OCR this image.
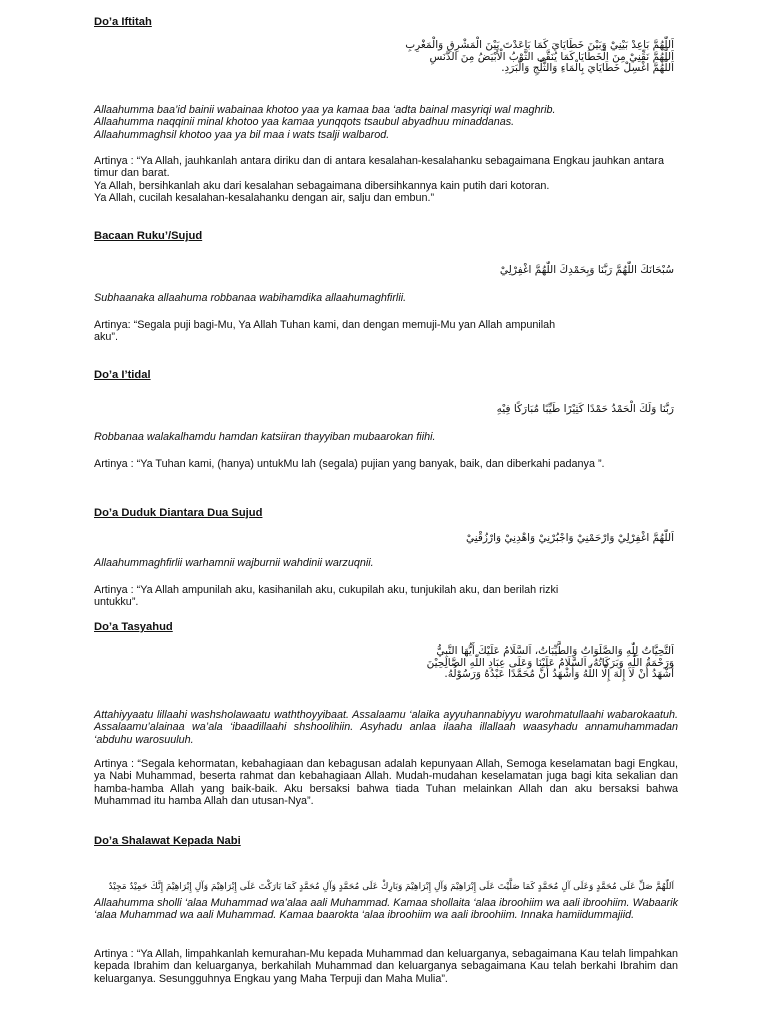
Do’a Iftitah
اَللّٰهُمَّ بَاعِدْ بَيْنِيْ وَبَيْنَ خَطَايَايَ كَمَا بَاعَدْتَ بَيْنَ الْمَشْرِقِ وَالْمَغْرِبِ
اَللّٰهُمَّ نَقِّنِيْ مِنَ الْخَطَايَا كَمَا يُنَقَّى الثَّوْبُ الْأَبْيَضُ مِنَ الدَّنَسِ
اَللّٰهُمَّ اغْسِلْ خَطَايَايَ بِالْمَاءِ وَالثَّلْجِ وَالْبَرَدِ.
Allaahumma baa’id bainii wabainaa khotoo yaa ya kamaa baa ‘adta bainal masyriqi wal maghrib.
Allaahumma naqqinii minal khotoo yaa kamaa yunqqots tsaubul abyadhuu minaddanas.
Allaahummaghsil khotoo yaa ya bil maa i wats tsalji walbarod.
Artinya : “Ya Allah, jauhkanlah antara diriku dan di antara kesalahan-kesalahanku sebagaimana Engkau jauhkan antara timur dan barat.
Ya Allah, bersihkanlah aku dari kesalahan sebagaimana dibersihkannya kain putih dari kotoran.
Ya Allah, cucilah kesalahan-kesalahanku dengan air, salju dan embun.”
Bacaan Ruku’/Sujud
سُبْحَانَكَ اللّٰهُمَّ رَبَّنَا وَبِحَمْدِكَ اللّٰهُمَّ اغْفِرْلِيْ
Subhaanaka allaahuma robbanaa wabihamdika allaahumaghfirlii.
Artinya: “Segala puji bagi-Mu, Ya Allah Tuhan kami, dan dengan memuji-Mu yan Allah ampunilah
aku”.
Do’a I’tidal
رَبَّنَا وَلَكَ الْحَمْدُ حَمْدًا كَثِيْرًا طَيِّبًا مُبَارَكًا فِيْهِ
Robbanaa walakalhamdu hamdan katsiiran thayyiban mubaarokan fiihi.
Artinya : “Ya Tuhan kami, (hanya) untukMu lah (segala) pujian yang banyak, baik, dan diberkahi padanya ”.
Do’a Duduk Diantara Dua Sujud
اَللّٰهُمَّ اغْفِرْلِيْ وَارْحَمْنِيْ وَاجْبُرْنِيْ وَاهْدِنِيْ وَارْزُقْنِيْ
Allaahummaghfirlii warhamnii wajburnii wahdinii warzuqnii.
Artinya : “Ya Allah ampunilah aku, kasihanilah aku, cukupilah aku, tunjukilah aku, dan berilah rizki
untukku”.
Do’a Tasyahud
اَلتَّحِيَّاتُ لِلّٰهِ وَالصَّلَوَاتُ وَالطَّيِّبَاتُ، اَلسَّلَامُ عَلَيْكَ أَيُّهَا النَّبِيُّ
وَرَحْمَةُ اللّٰهِ وَبَرَكَاتُهُ، اَلسَّلَامُ عَلَيْنَا وَعَلَى عِبَادِ اللّٰهِ الصَّالِحِيْنَ
أَشْهَدُ أَنْ لَا إِلٰهَ إِلَّا اللّٰهُ وَأَشْهَدُ أَنَّ مُحَمَّدًا عَبْدُهُ وَرَسُوْلُهُ.
Attahiyyaatu lillaahi washsholawaatu waththoyyibaat. Assalaamu ‘alaika ayyuhannabiyyu warohmatullaahi wabarokaatuh. Assalaamu’alainaa wa’ala ‘ibaadillaahi shshoolihiin. Asyhadu anlaa ilaaha illallaah waasyhadu annamuhammadan ‘abduhu warosuuluh.
Artinya : “Segala kehormatan, kebahagiaan dan kebagusan adalah kepunyaan Allah, Semoga keselamatan bagi Engkau, ya Nabi Muhammad, beserta rahmat dan kebahagiaan Allah. Mudah-mudahan keselamatan juga bagi kita sekalian dan hamba-hamba Allah yang baik-baik. Aku bersaksi bahwa tiada Tuhan melainkan Allah dan aku bersaksi bahwa Muhammad itu hamba Allah dan utusan-Nya”.
Do’a Shalawat Kepada Nabi
اَللّٰهُمَّ صَلِّ عَلَى مُحَمَّدٍ وَعَلَى آلِ مُحَمَّدٍ كَمَا صَلَّيْتَ عَلَى إِبْرَاهِيْمَ وَآلِ إِبْرَاهِيْمَ وَبَارِكْ عَلَى مُحَمَّدٍ وَآلِ مُحَمَّدٍ كَمَا بَارَكْتَ عَلَى إِبْرَاهِيْمَ وَآلِ إِبْرَاهِيْمَ إِنَّكَ حَمِيْدٌ مَجِيْدٌ
Allaahumma sholli ‘alaa Muhammad wa’alaa aali Muhammad. Kamaa shollaita ‘alaa ibroohiim wa aali ibroohiim. Wabaarik ‘alaa Muhammad wa aali Muhammad. Kamaa baarokta ‘alaa ibroohiim wa aali ibroohiim. Innaka hamiidummajiid.
Artinya : “Ya Allah, limpahkanlah kemurahan-Mu kepada Muhammad dan keluarganya, sebagaimana Kau telah limpahkan kepada Ibrahim dan keluarganya, berkahilah Muhammad dan keluarganya sebagaimana Kau telah berkahi Ibrahim dan keluarganya. Sesungguhnya Engkau yang Maha Terpuji dan Maha Mulia”.
